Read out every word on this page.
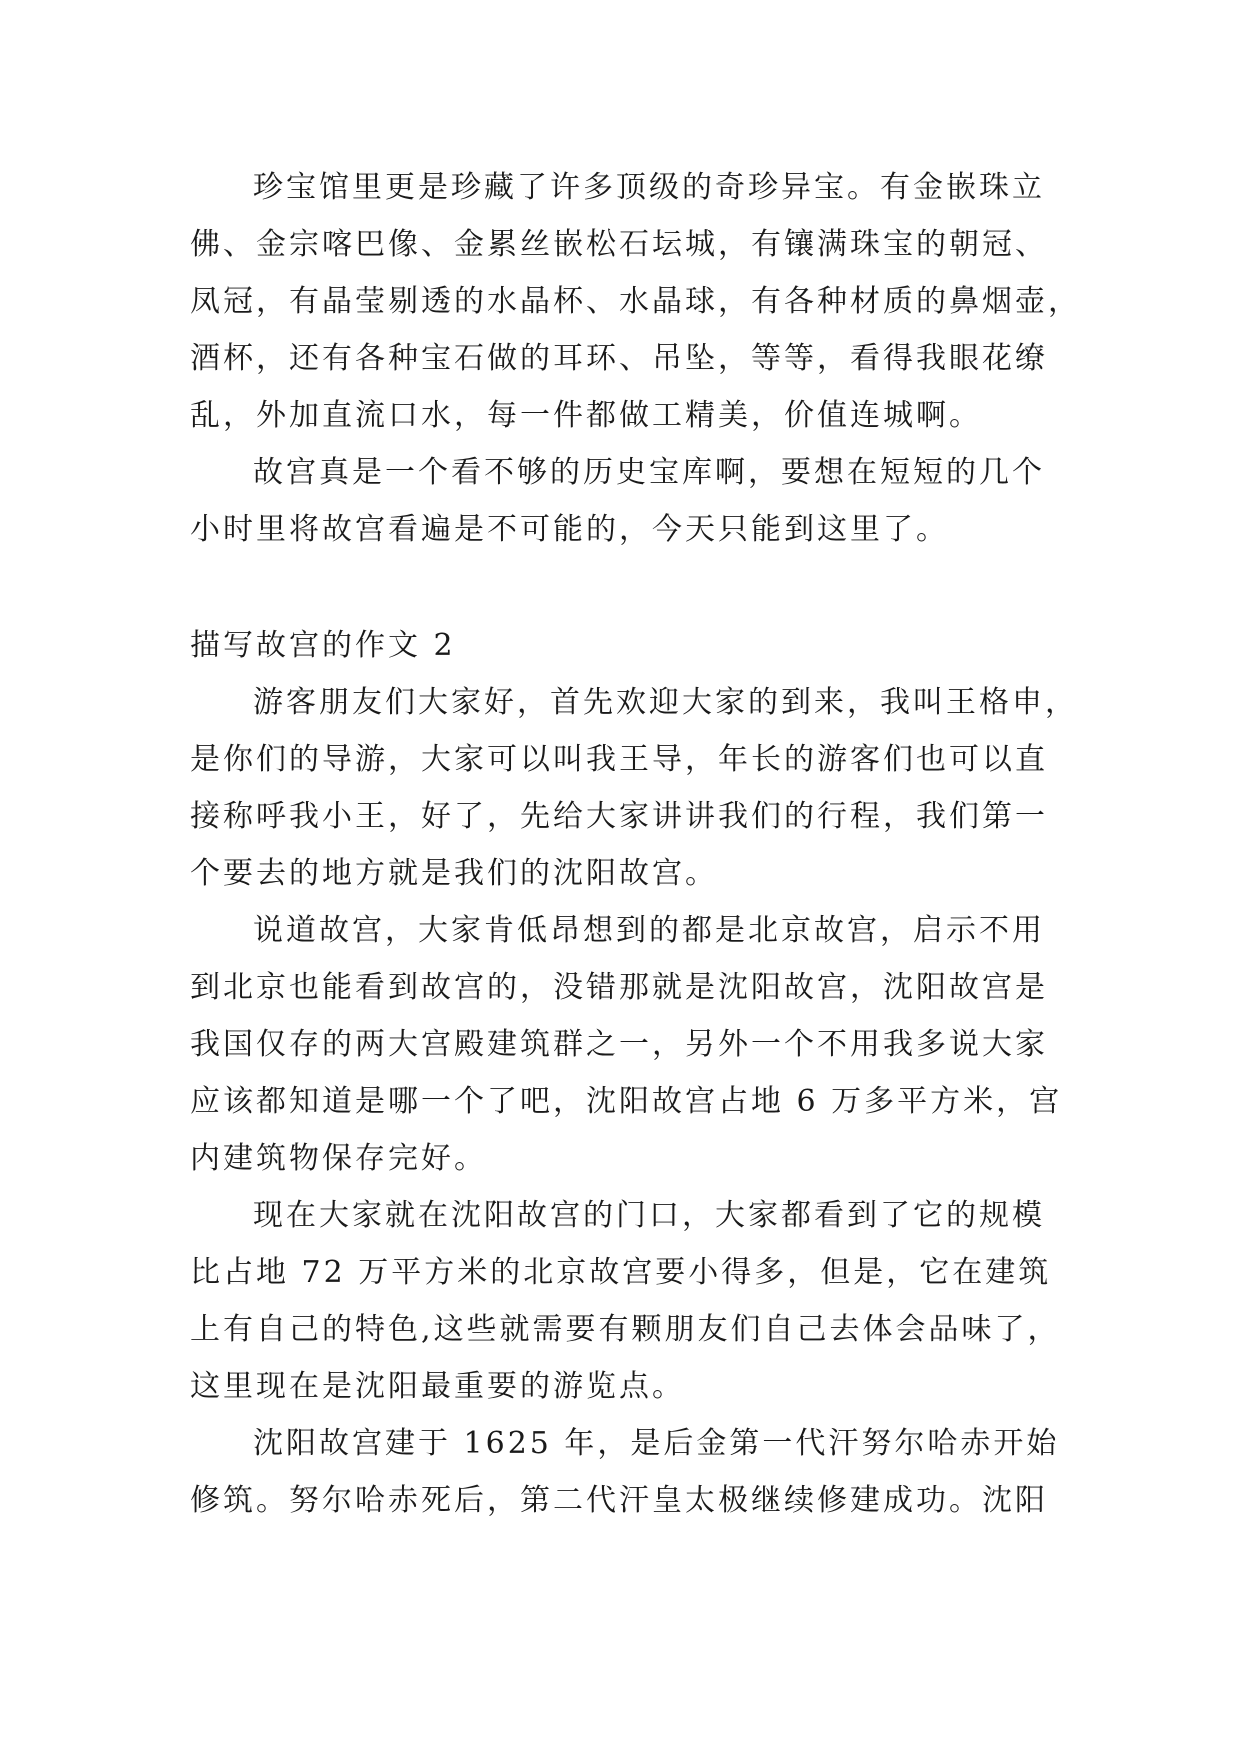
珍宝馆里更是珍藏了许多顶级的奇珍异宝。有金嵌珠立
佛、金宗喀巴像、金累丝嵌松石坛城，有镶满珠宝的朝冠、
凤冠，有晶莹剔透的水晶杯、水晶球，有各种材质的鼻烟壶，
酒杯，还有各种宝石做的耳环、吊坠，等等，看得我眼花缭
乱，外加直流口水，每一件都做工精美，价值连城啊。
故宫真是一个看不够的历史宝库啊，要想在短短的几个
小时里将故宫看遍是不可能的，今天只能到这里了。
描写故宫的作文 2
游客朋友们大家好，首先欢迎大家的到来，我叫王格申，
是你们的导游，大家可以叫我王导，年长的游客们也可以直
接称呼我小王，好了，先给大家讲讲我们的行程，我们第一
个要去的地方就是我们的沈阳故宫。
说道故宫，大家肯低昂想到的都是北京故宫，启示不用
到北京也能看到故宫的，没错那就是沈阳故宫，沈阳故宫是
我国仅存的两大宫殿建筑群之一，另外一个不用我多说大家
应该都知道是哪一个了吧，沈阳故宫占地 6 万多平方米，宫
内建筑物保存完好。
现在大家就在沈阳故宫的门口，大家都看到了它的规模
比占地 72 万平方米的北京故宫要小得多，但是，它在建筑
上有自己的特色,这些就需要有颗朋友们自己去体会品味了，
这里现在是沈阳最重要的游览点。
沈阳故宫建于 1625 年，是后金第一代汗努尔哈赤开始
修筑。努尔哈赤死后，第二代汗皇太极继续修建成功。沈阳
